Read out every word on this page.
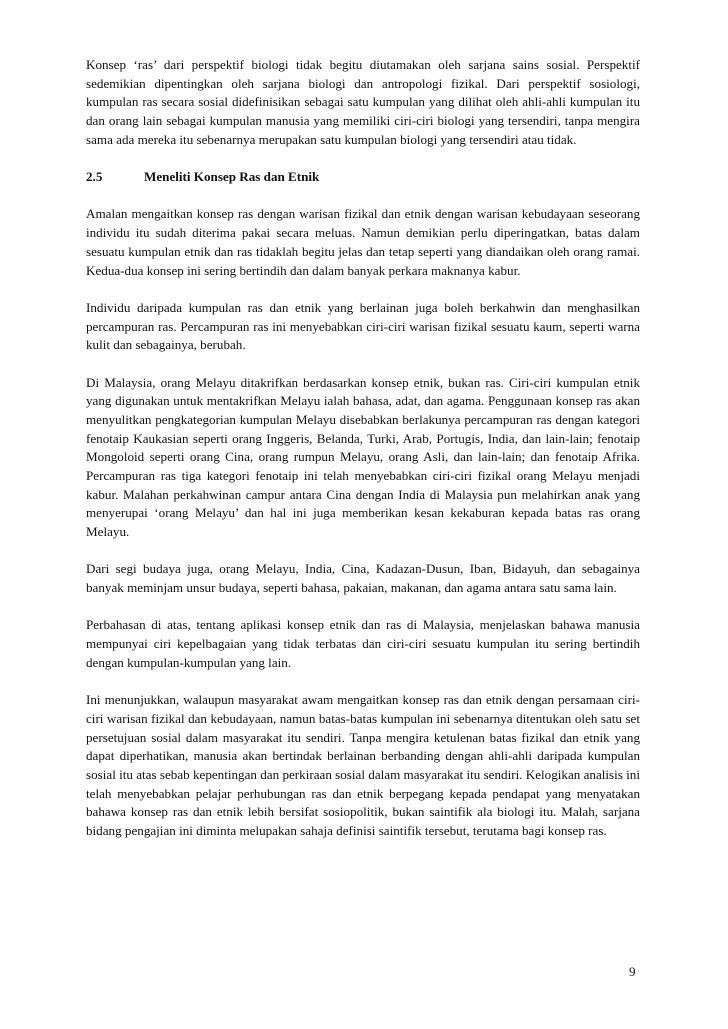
Konsep ‘ras’ dari perspektif biologi tidak begitu diutamakan oleh sarjana sains sosial. Perspektif sedemikian dipentingkan oleh sarjana biologi dan antropologi fizikal. Dari perspektif sosiologi, kumpulan ras secara sosial didefinisikan sebagai satu kumpulan yang dilihat oleh ahli-ahli kumpulan itu dan orang lain sebagai kumpulan manusia yang memiliki ciri-ciri biologi yang tersendiri, tanpa mengira sama ada mereka itu sebenarnya merupakan satu kumpulan biologi yang tersendiri atau tidak.

2.5	Meneliti Konsep Ras dan Etnik

Amalan mengaitkan konsep ras dengan warisan fizikal dan etnik dengan warisan kebudayaan seseorang individu itu sudah diterima pakai secara meluas. Namun demikian perlu diperingatkan, batas dalam sesuatu kumpulan etnik dan ras tidaklah begitu jelas dan tetap seperti yang diandaikan oleh orang ramai. Kedua-dua konsep ini sering bertindih dan dalam banyak perkara maknanya kabur.

Individu daripada kumpulan ras dan etnik yang berlainan juga boleh berkahwin dan menghasilkan percampuran ras. Percampuran ras ini menyebabkan ciri-ciri warisan fizikal sesuatu kaum, seperti warna kulit dan sebagainya, berubah.

Di Malaysia, orang Melayu ditakrifkan berdasarkan konsep etnik, bukan ras. Ciri-ciri kumpulan etnik yang digunakan untuk mentakrifkan Melayu ialah bahasa, adat, dan agama. Penggunaan konsep ras akan menyulitkan pengkategorian kumpulan Melayu disebabkan berlakunya percampuran ras dengan kategori fenotaip Kaukasian seperti orang Inggeris, Belanda, Turki, Arab, Portugis, India, dan lain-lain; fenotaip Mongoloid seperti orang Cina, orang rumpun Melayu, orang Asli, dan lain-lain; dan fenotaip Afrika. Percampuran ras tiga kategori fenotaip ini telah menyebabkan ciri-ciri fizikal orang Melayu menjadi kabur. Malahan perkahwinan campur antara Cina dengan India di Malaysia pun melahirkan anak yang menyerupai ‘orang Melayu’ dan hal ini juga memberikan kesan kekaburan kepada batas ras orang Melayu.

Dari segi budaya juga, orang Melayu, India, Cina, Kadazan-Dusun, Iban, Bidayuh, dan sebagainya banyak meminjam unsur budaya, seperti bahasa, pakaian, makanan, dan agama antara satu sama lain.

Perbahasan di atas, tentang aplikasi konsep etnik dan ras di Malaysia, menjelaskan bahawa manusia mempunyai ciri kepelbagaian yang tidak terbatas dan ciri-ciri sesuatu kumpulan itu sering bertindih dengan kumpulan-kumpulan yang lain.

Ini menunjukkan, walaupun masyarakat awam mengaitkan konsep ras dan etnik dengan persamaan ciri-ciri warisan fizikal dan kebudayaan, namun batas-batas kumpulan ini sebenarnya ditentukan oleh satu set persetujuan sosial dalam masyarakat itu sendiri. Tanpa mengira ketulenan batas fizikal dan etnik yang dapat diperhatikan, manusia akan bertindak berlainan berbanding dengan ahli-ahli daripada kumpulan sosial itu atas sebab kepentingan dan perkiraan sosial dalam masyarakat itu sendiri. Kelogikan analisis ini telah menyebabkan pelajar perhubungan ras dan etnik berpegang kepada pendapat yang menyatakan bahawa konsep ras dan etnik lebih bersifat sosiopolitik, bukan saintifik ala biologi itu. Malah, sarjana bidang pengajian ini diminta melupakan sahaja definisi saintifik tersebut, terutama bagi konsep ras.

9
